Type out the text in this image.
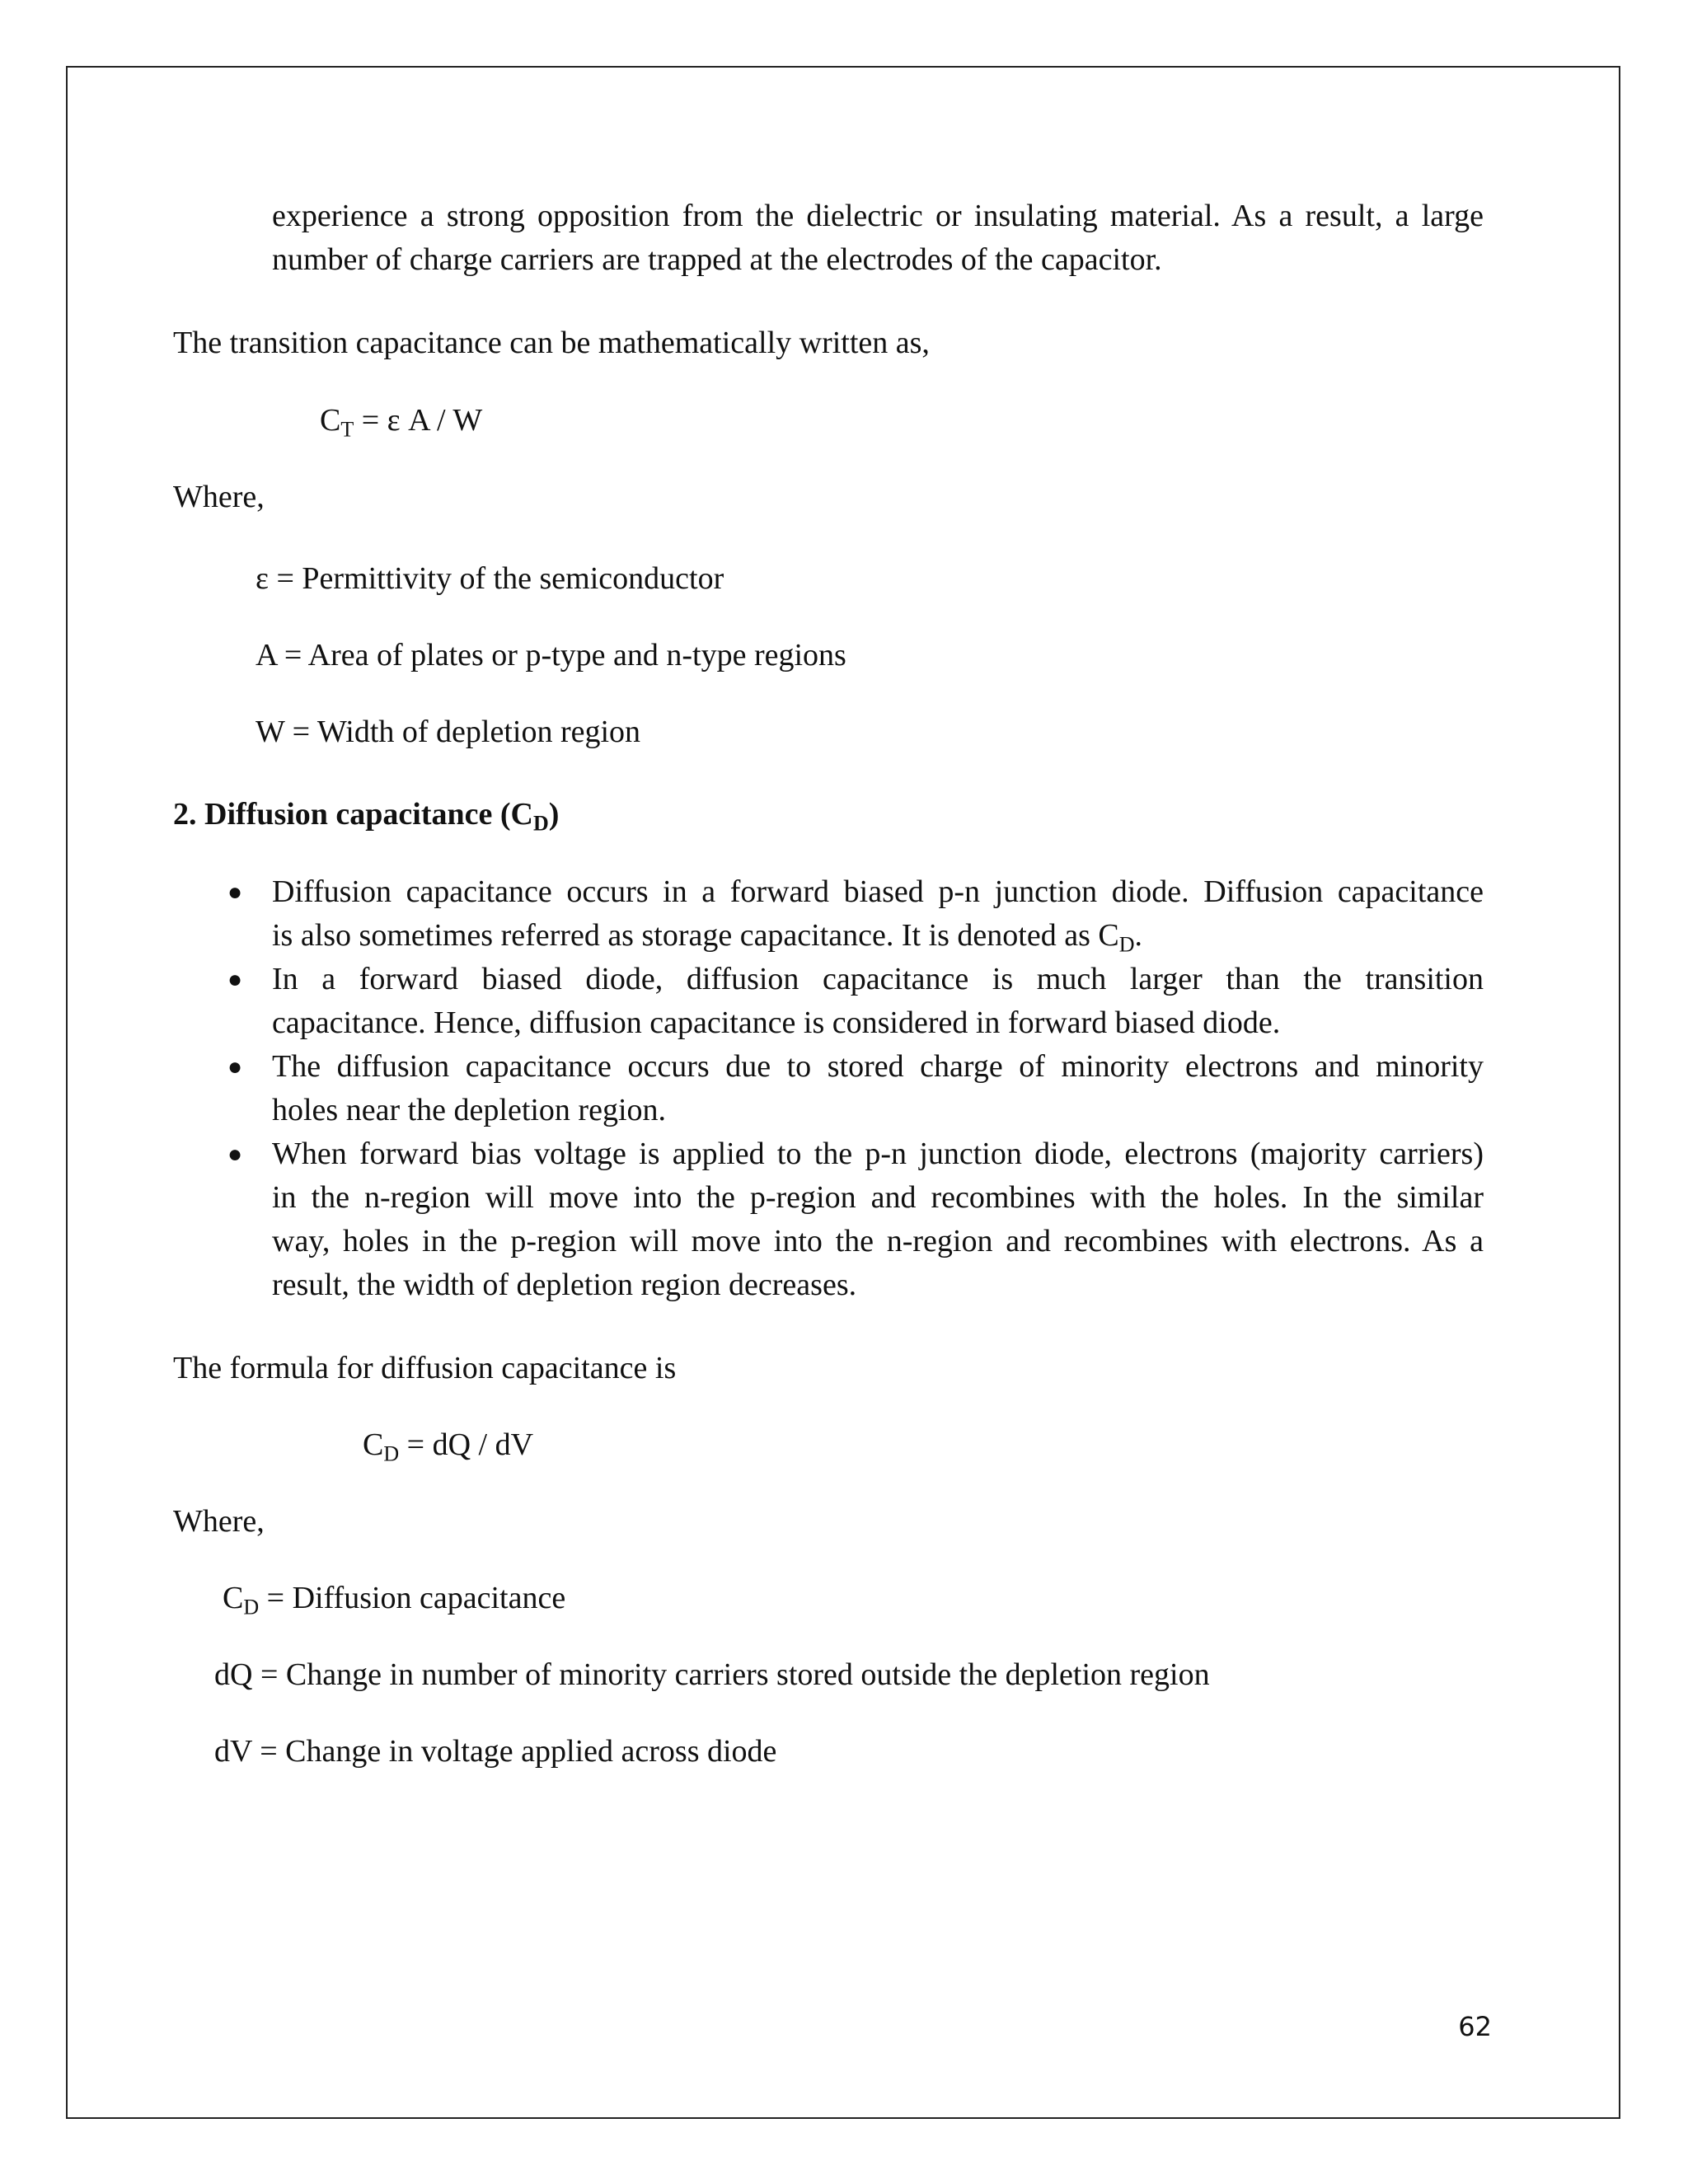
experience a strong opposition from the dielectric or insulating material. As a result, a large
number of charge carriers are trapped at the electrodes of the capacitor.
The transition capacitance can be mathematically written as,
$C_T = \varepsilon$ A / W
Where,
ε = Permittivity of the semiconductor
A = Area of plates or p-type and n-type regions
W = Width of depletion region
2. Diffusion capacitance $(C_D)$
● Diffusion capacitance occurs in a forward biased p-n junction diode. Diffusion capacitance
is also sometimes referred as storage capacitance. It is denoted as $C_D$.
● In a forward biased diode, diffusion capacitance is much larger than the transition
capacitance. Hence, diffusion capacitance is considered in forward biased diode.
● The diffusion capacitance occurs due to stored charge of minority electrons and minority
holes near the depletion region.
● When forward bias voltage is applied to the p-n junction diode, electrons (majority carriers)
in the n-region will move into the p-region and recombines with the holes. In the similar
way, holes in the p-region will move into the n-region and recombines with electrons. As a
result, the width of depletion region decreases.
The formula for diffusion capacitance is
$C_D$ = dQ / dV
Where,
$C_D$ = Diffusion capacitance
dQ = Change in number of minority carriers stored outside the depletion region
dV = Change in voltage applied across diode
62
